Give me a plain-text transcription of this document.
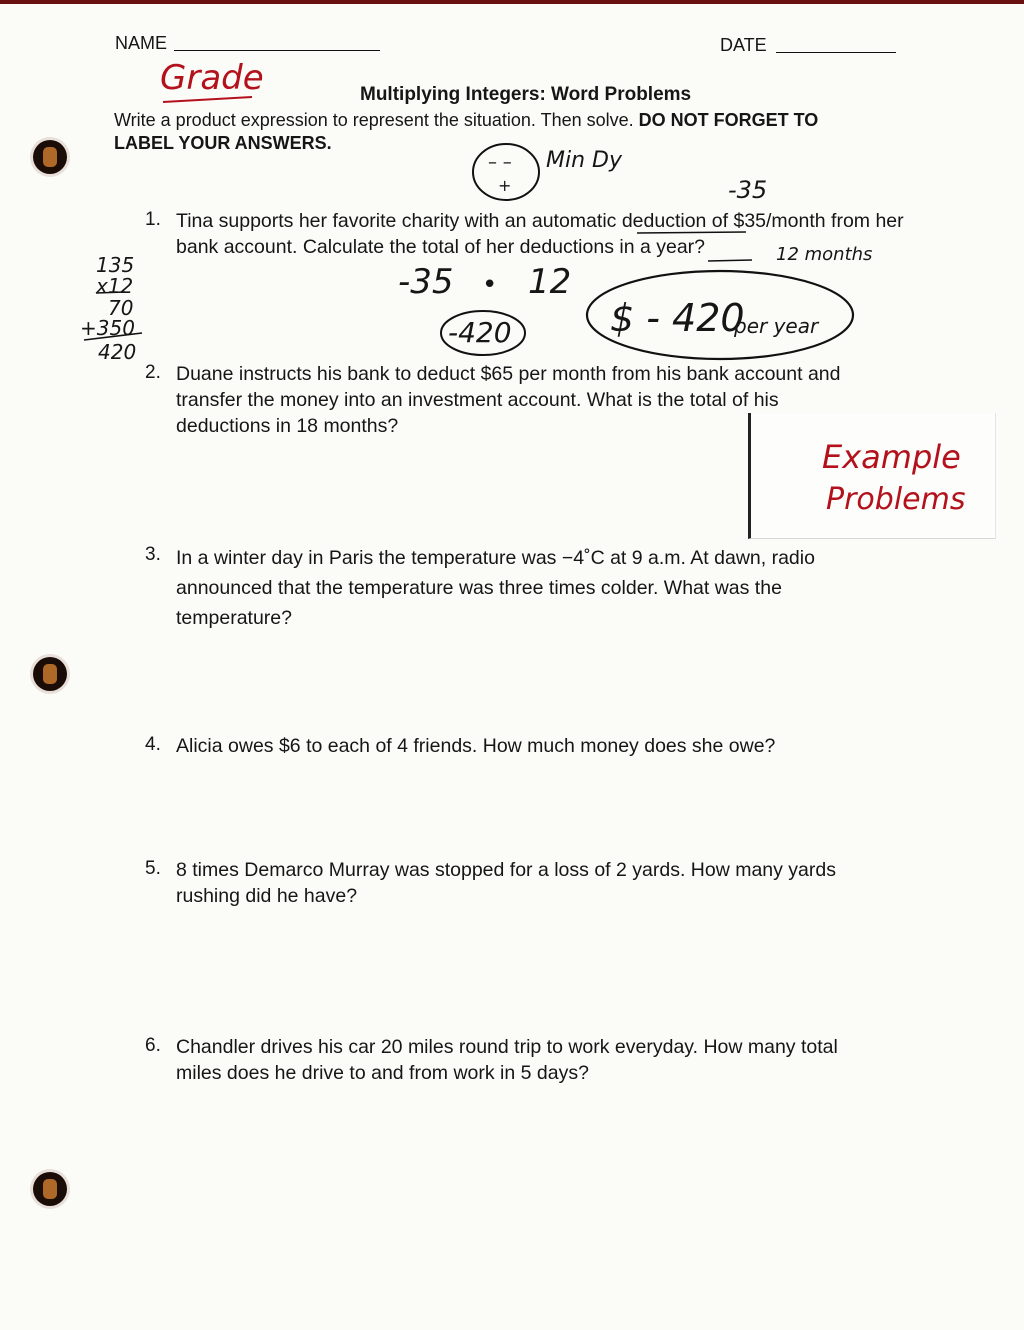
NAME	DATE
Multiplying Integers: Word Problems
Write a product expression to represent the situation. Then solve. DO NOT FORGET TO
LABEL YOUR ANSWERS.
1. Tina supports her favorite charity with an automatic deduction of $35/month from her bank account. Calculate the total of her deductions in a year?
2. Duane instructs his bank to deduct $65 per month from his bank account and transfer the money into an investment account. What is the total of his deductions in 18 months?
3. In a winter day in Paris the temperature was −4˚C at 9 a.m. At dawn, radio announced that the temperature was three times colder. What was the temperature?
4. Alicia owes $6 to each of 4 friends. How much money does she owe?
5. 8 times Demarco Murray was stopped for a loss of 2 yards. How many yards rushing did he have?
6. Chandler drives his car 20 miles round trip to work everyday. How many total miles does he drive to and from work in 5 days?
Example
Problems
Grade
– –
+
Min Dy
-35
12 months
-35 • 12
-420	$ - 420
per year
135
x12
70
+350
420
